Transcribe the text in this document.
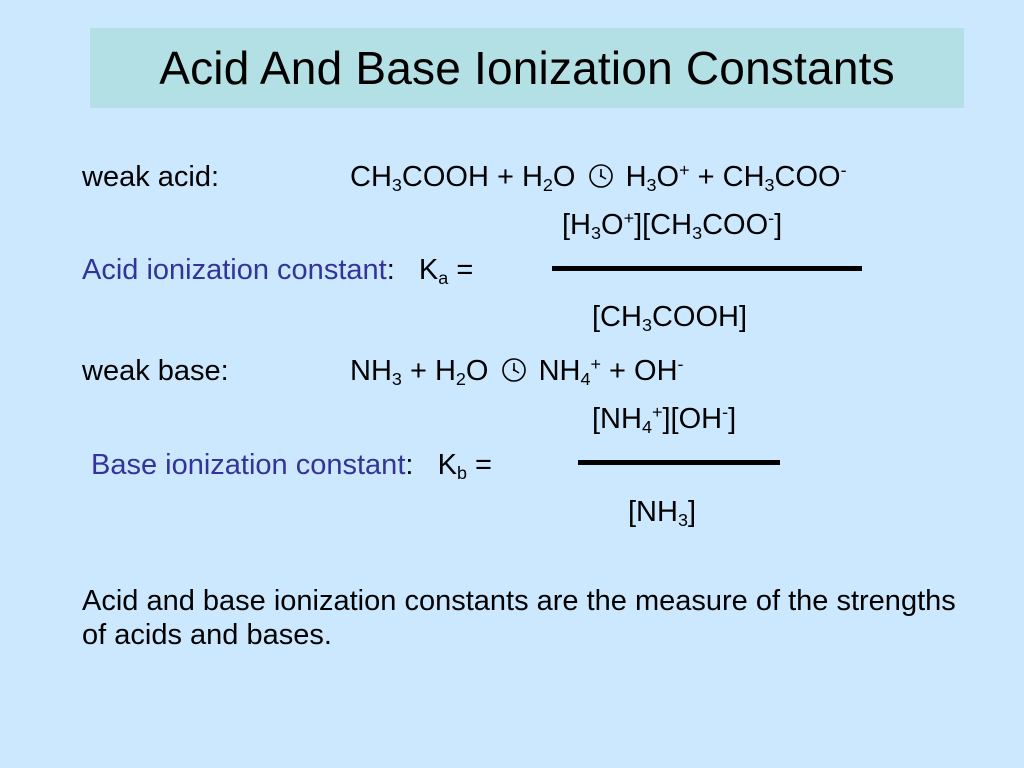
Acid And Base Ionization Constants
weak acid:	$CH_3COOH + H_2O$ $H_3O^+ + CH_3COO^-$
$[H_3O^+][CH_3COO^-]$
Acid ionization constant: $K_a$ =
$[CH_3COOH]$
weak base:	$NH_3 + H_2O$ $NH_4^+ + OH^-$
$[NH_4^+][OH^-]$
Base ionization constant: $K_b$ =
$[NH_3]$
Acid and base ionization constants are the measure of the strengths of acids and bases.
